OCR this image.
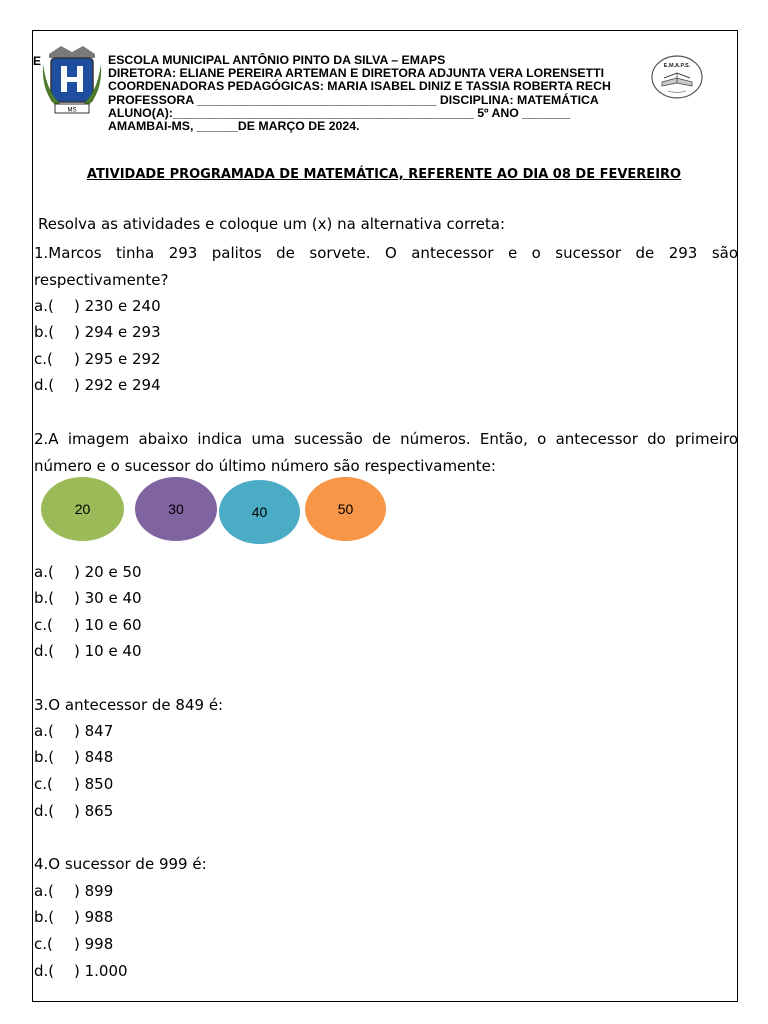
E
MS
E.M.A.P.S.
ESCOLA MUNICIPAL ANTÔNIO PINTO DA SILVA – EMAPS
DIRETORA: ELIANE PEREIRA ARTEMAN E DIRETORA ADJUNTA VERA LORENSETTI
COORDENADORAS PEDAGÓGICAS: MARIA ISABEL DINIZ E TASSIA ROBERTA RECH
PROFESSORA ___________________________________ DISCIPLINA: MATEMÁTICA
ALUNO(A):____________________________________________ 5º ANO _______
AMAMBAI-MS, ______DE MARÇO DE 2024.
ATIVIDADE PROGRAMADA DE MATEMÁTICA, REFERENTE AO DIA 08 DE FEVEREIRO
Resolva as atividades e coloque um (x) na alternativa correta:
1.Marcos tinha 293 palitos de sorvete. O antecessor e o sucessor de 293 são
respectivamente?
a.( ) 230 e 240
b.( ) 294 e 293
c.( ) 295 e 292
d.( ) 292 e 294
2.A imagem abaixo indica uma sucessão de números. Então, o antecessor do primeiro
número e o sucessor do último número são respectivamente:
20	30	40	50
a.( ) 20 e 50
b.( ) 30 e 40
c.( ) 10 e 60
d.( ) 10 e 40
3.O antecessor de 849 é:
a.( ) 847
b.( ) 848
c.( ) 850
d.( ) 865
4.O sucessor de 999 é:
a.( ) 899
b.( ) 988
c.( ) 998
d.( ) 1.000
